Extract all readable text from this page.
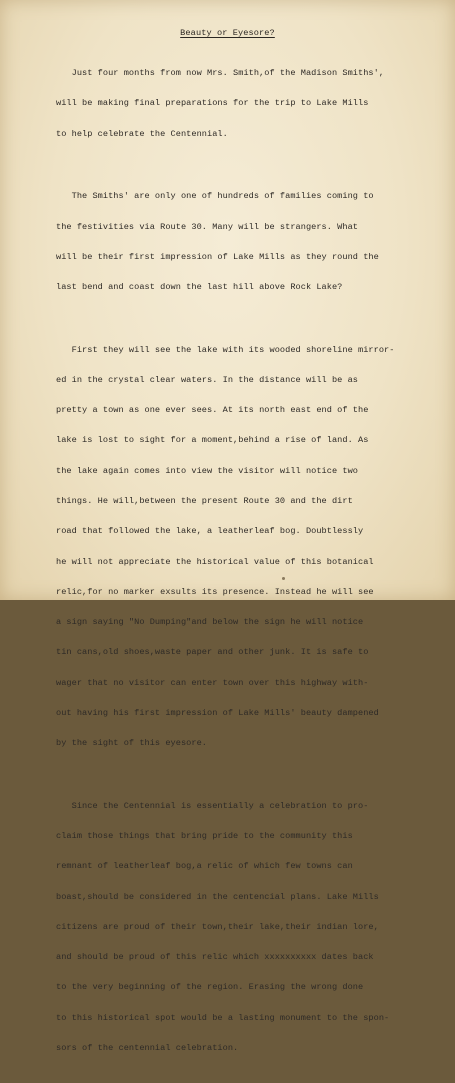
Beauty or Eyesore?

Just four months from now Mrs. Smith,of the Madison Smiths',

will be making final preparations for the trip to Lake Mills

to help celebrate the Centennial.

The Smiths' are only one of hundreds of families coming to

the festivities via Route 30. Many will be strangers. What

will be their first impression of Lake Mills as they round the

last bend and coast down the last hill above Rock Lake?

First they will see the lake with its wooded shoreline mirror-

ed in the crystal clear waters. In the distance will be as

pretty a town as one ever sees. At its north east end of the

lake is lost to sight for a moment,behind a rise of land. As

the lake again comes into view the visitor will notice two

things. He will,between the present Route 30 and the dirt

road that followed the lake, a leatherleaf bog. Doubtlessly

he will not appreciate the historical value of this botanical

relic,for no marker exsults its presence. Instead he will see

a sign saying "No Dumping"and below the sign he will notice

tin cans,old shoes,waste paper and other junk. It is safe to

wager that no visitor can enter town over this highway with-

out having his first impression of Lake Mills' beauty dampened

by the sight of this eyesore.

Since the Centennial is essentially a celebration to pro-

claim those things that bring pride to the community this

remnant of leatherleaf bog,a relic of which few towns can

boast,should be considered in the centencial plans. Lake Mills

citizens are proud of their town,their lake,their indian lore,

and should be proud of this relic which xxxxxxxxxx dates back

to the very beginning of the region. Erasing the wrong done

to this historical spot would be a lasting monument to the spon-

sors of the centennial celebration.
